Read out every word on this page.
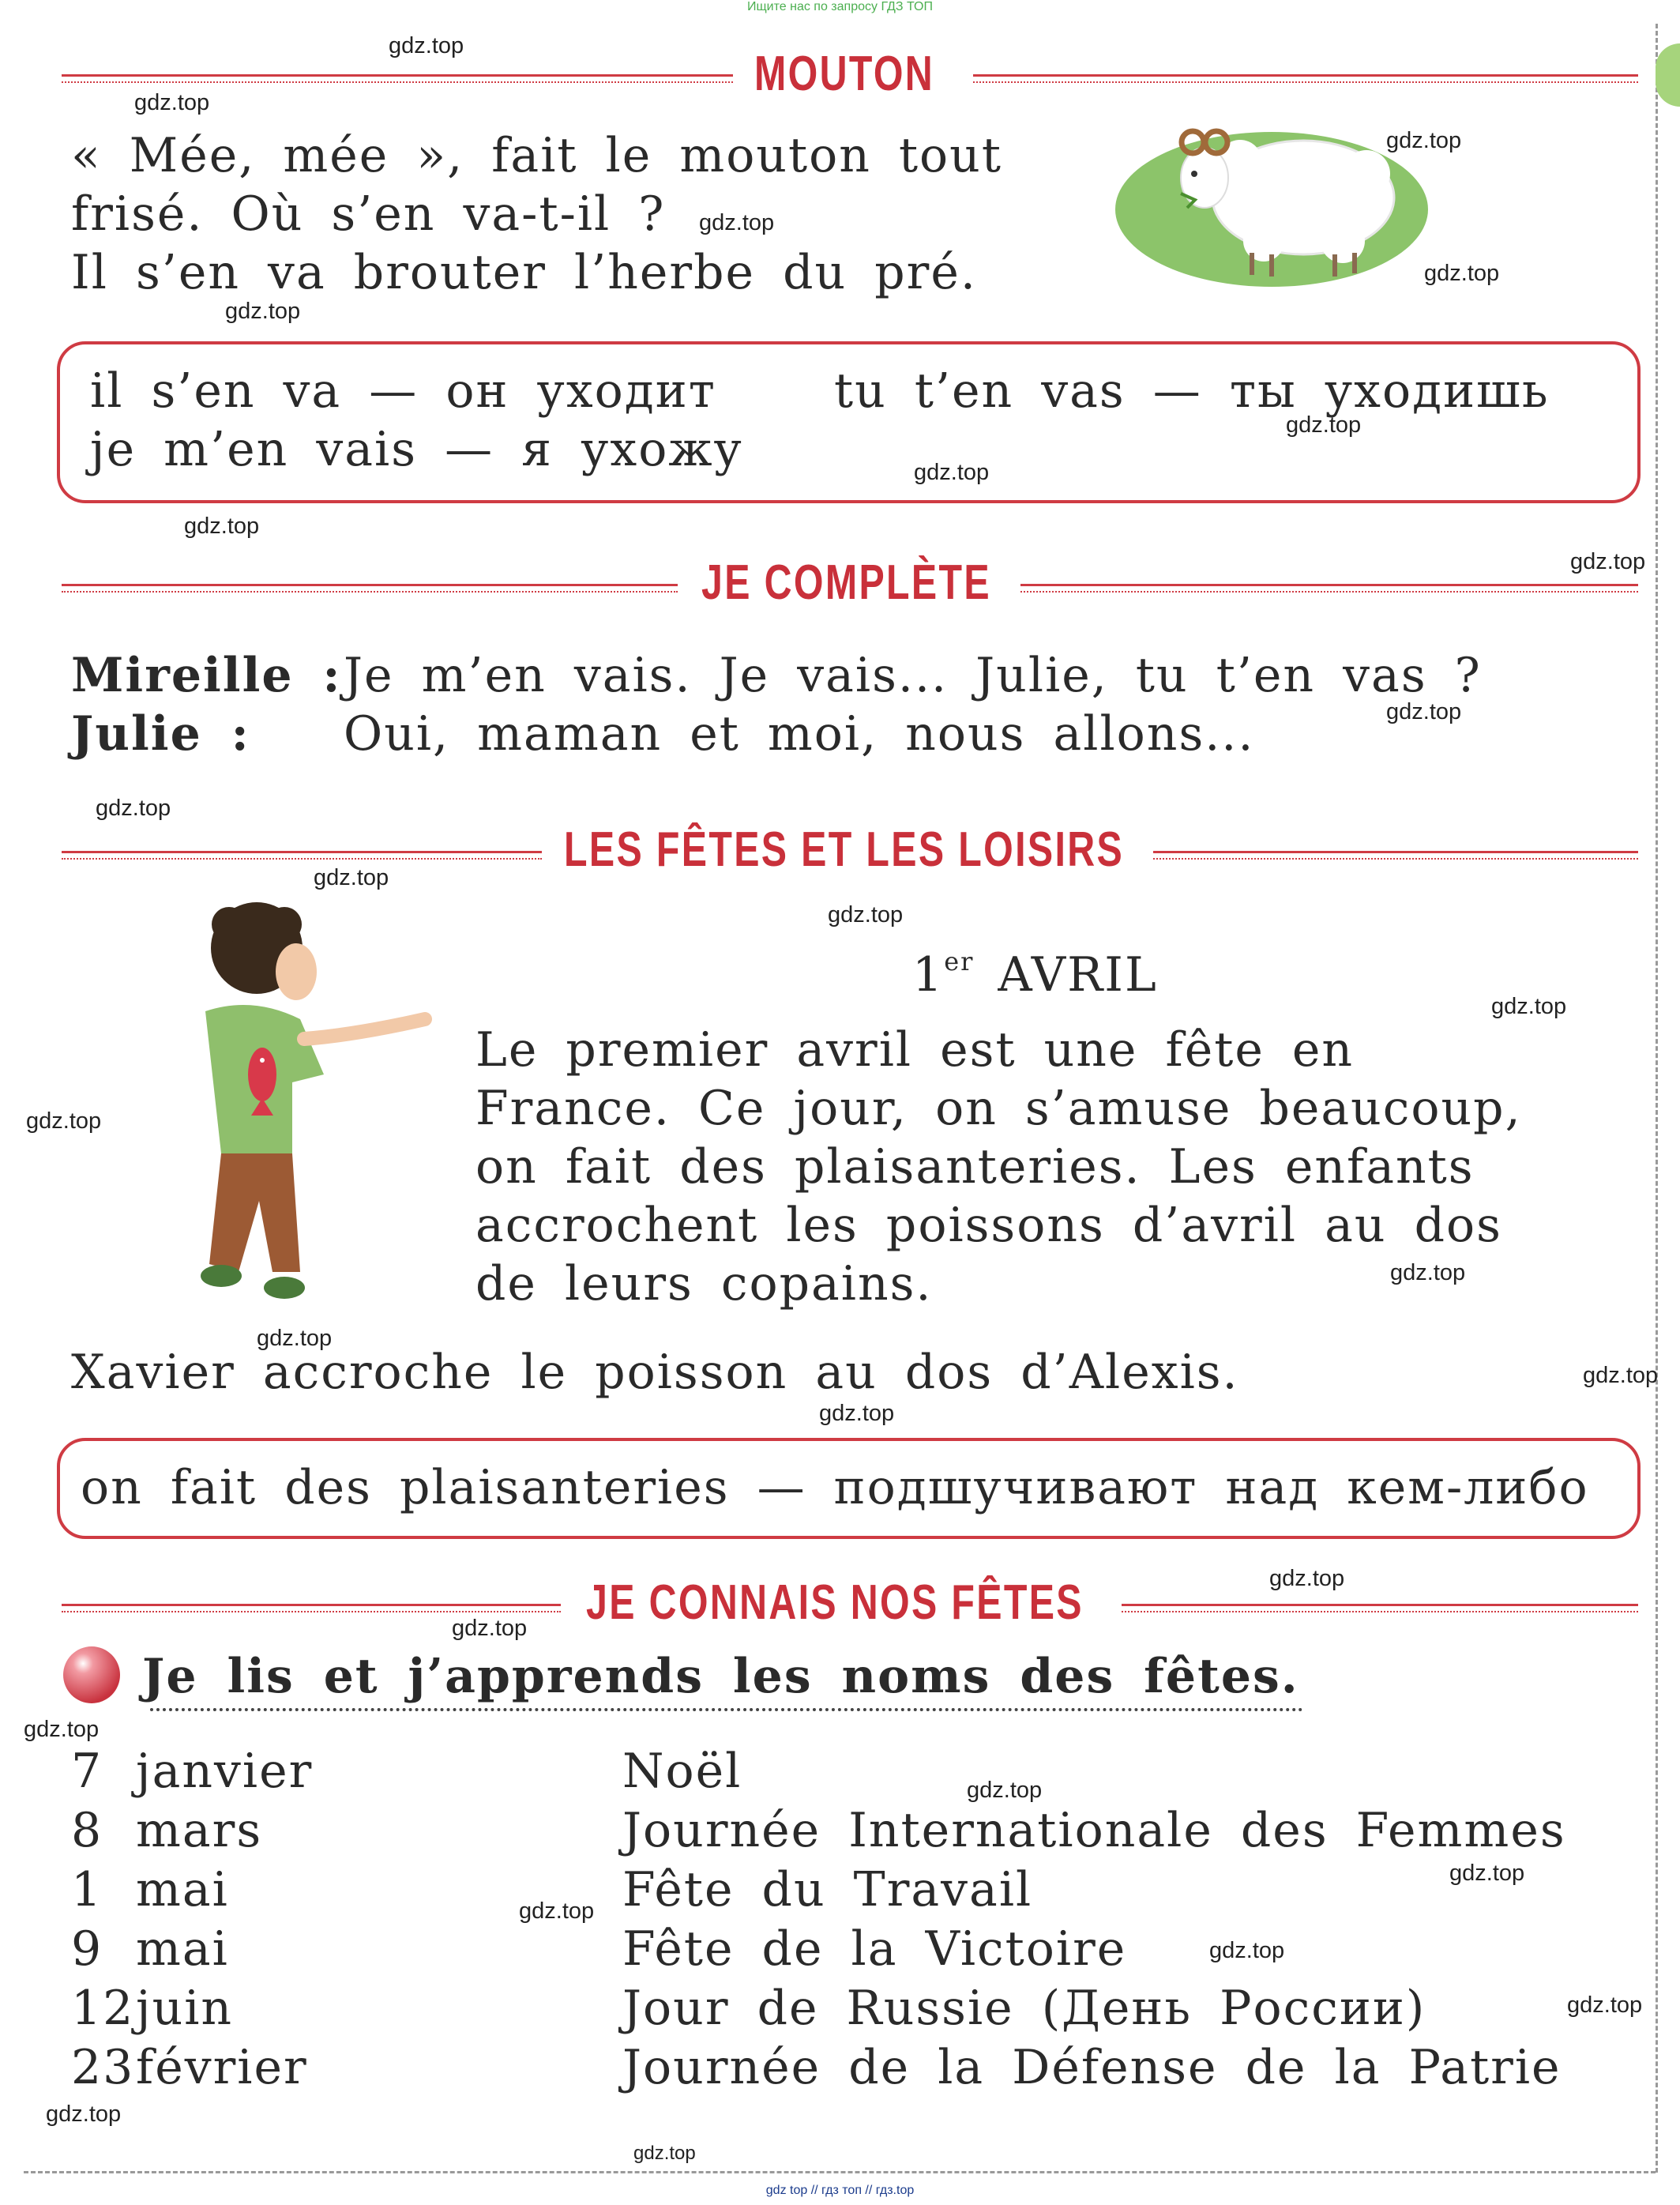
Ищите нас по запросу ГДЗ ТОП
gdz top // гдз топ // гдз.top
MOUTON
« Mée, mée », fait le mouton tout
frisé. Où s’en va-t-il ?
Il s’en va brouter l’herbe du pré.
il s’en va — он уходит tu t’en vas — ты уходишь
je m’en vais — я ухожу
JE COMPLÈTE
Mireille : Je m’en vais. Je vais... Julie, tu t’en vas ?
Julie : Oui, maman et moi, nous allons...
LES FÊTES ET LES LOISIRS
1er AVRIL
Le premier avril est une fête en
France. Ce jour, on s’amuse beaucoup,
on fait des plaisanteries. Les enfants
accrochent les poissons d’avril au dos
de leurs copains.
Xavier accroche le poisson au dos d’Alexis.
on fait des plaisanteries — подшучивают над кем-либо
JE CONNAIS NOS FÊTES
Je lis et j’apprends les noms des fêtes.
7 janvier	Noël
8 mars	Journée Internationale des Femmes
1 mai	Fête du Travail
9 mai	Fête de la Victoire
12 juin	Jour de Russie (День России)
23 février	Journée de la Défense de la Patrie
gdz.top
gdz.top
gdz.top
gdz.top
gdz.top
gdz.top
gdz.top
gdz.top
gdz.top
gdz.top
gdz.top
gdz.top
gdz.top
gdz.top
gdz.top
gdz.top
gdz.top
gdz.top
gdz.top
gdz.top
gdz.top
gdz.top
gdz.top
gdz.top
gdz.top
gdz.top
gdz.top
gdz.top
gdz.top
gdz.top
